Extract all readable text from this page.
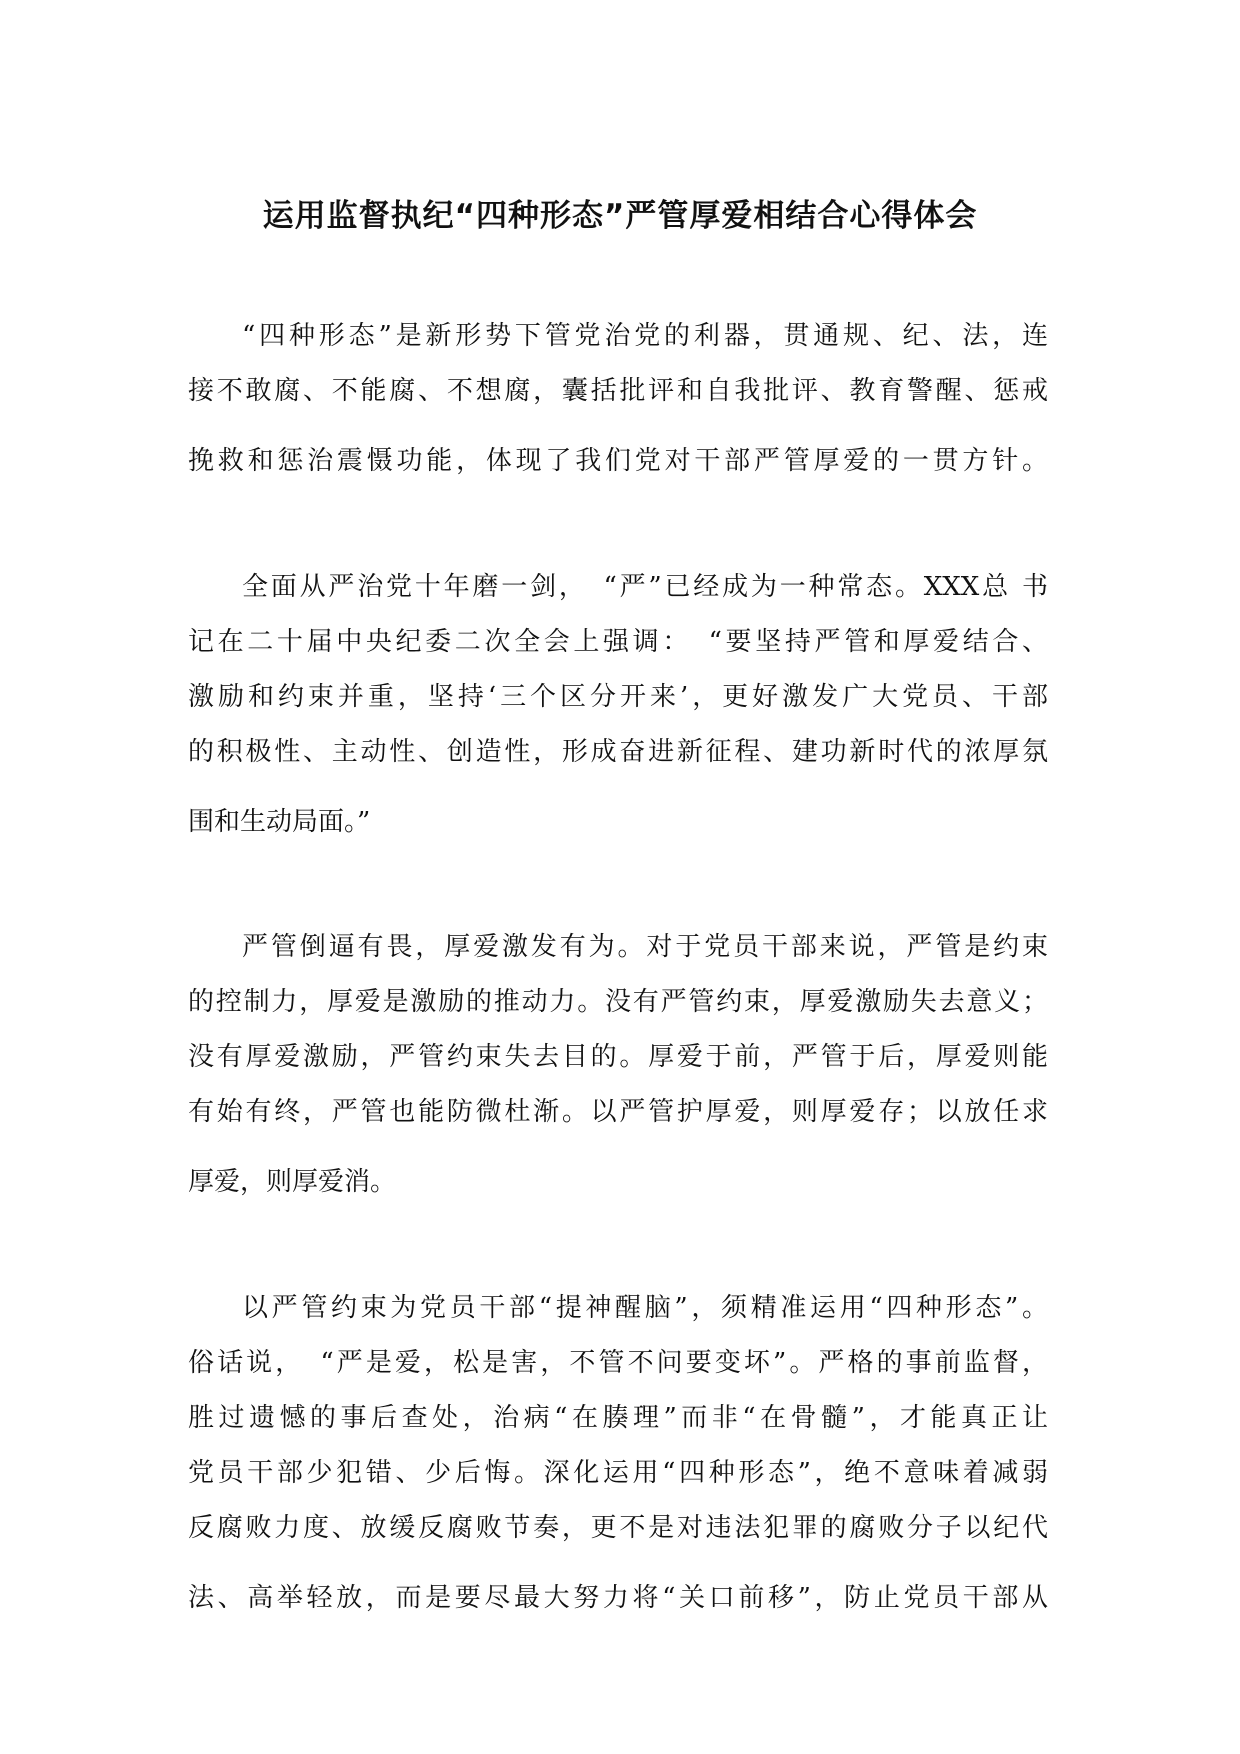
运用监督执纪“四种形态”严管厚爱相结合心得体会

“四种形态”是新形势下管党治党的利器，贯通规、纪、法，连

接不敢腐、不能腐、不想腐，囊括批评和自我批评、教育警醒、惩戒

挽救和惩治震慑功能，体现了我们党对干部严管厚爱的一贯方针。

全面从严治党十年磨一剑，　“严”已经成为一种常态。XXX总 书

记在二十届中央纪委二次全会上强调：　“要坚持严管和厚爱结合、

激励和约束并重，坚持‘三个区分开来’，更好激发广大党员、干部

的积极性、主动性、创造性，形成奋进新征程、建功新时代的浓厚氛

围和生动局面。”

严管倒逼有畏，厚爱激发有为。对于党员干部来说，严管是约束

的控制力，厚爱是激励的推动力。没有严管约束，厚爱激励失去意义；

没有厚爱激励，严管约束失去目的。厚爱于前，严管于后，厚爱则能

有始有终，严管也能防微杜渐。以严管护厚爱，则厚爱存；以放任求

厚爱，则厚爱消。

以严管约束为党员干部“提神醒脑”，须精准运用“四种形态”。

俗话说，　“严是爱，松是害，不管不问要变坏”。严格的事前监督，

胜过遗憾的事后查处，治病“在腠理”而非“在骨髓”，才能真正让

党员干部少犯错、少后悔。深化运用“四种形态”，绝不意味着减弱

反腐败力度、放缓反腐败节奏，更不是对违法犯罪的腐败分子以纪代

法、高举轻放，而是要尽最大努力将“关口前移”，防止党员干部从
